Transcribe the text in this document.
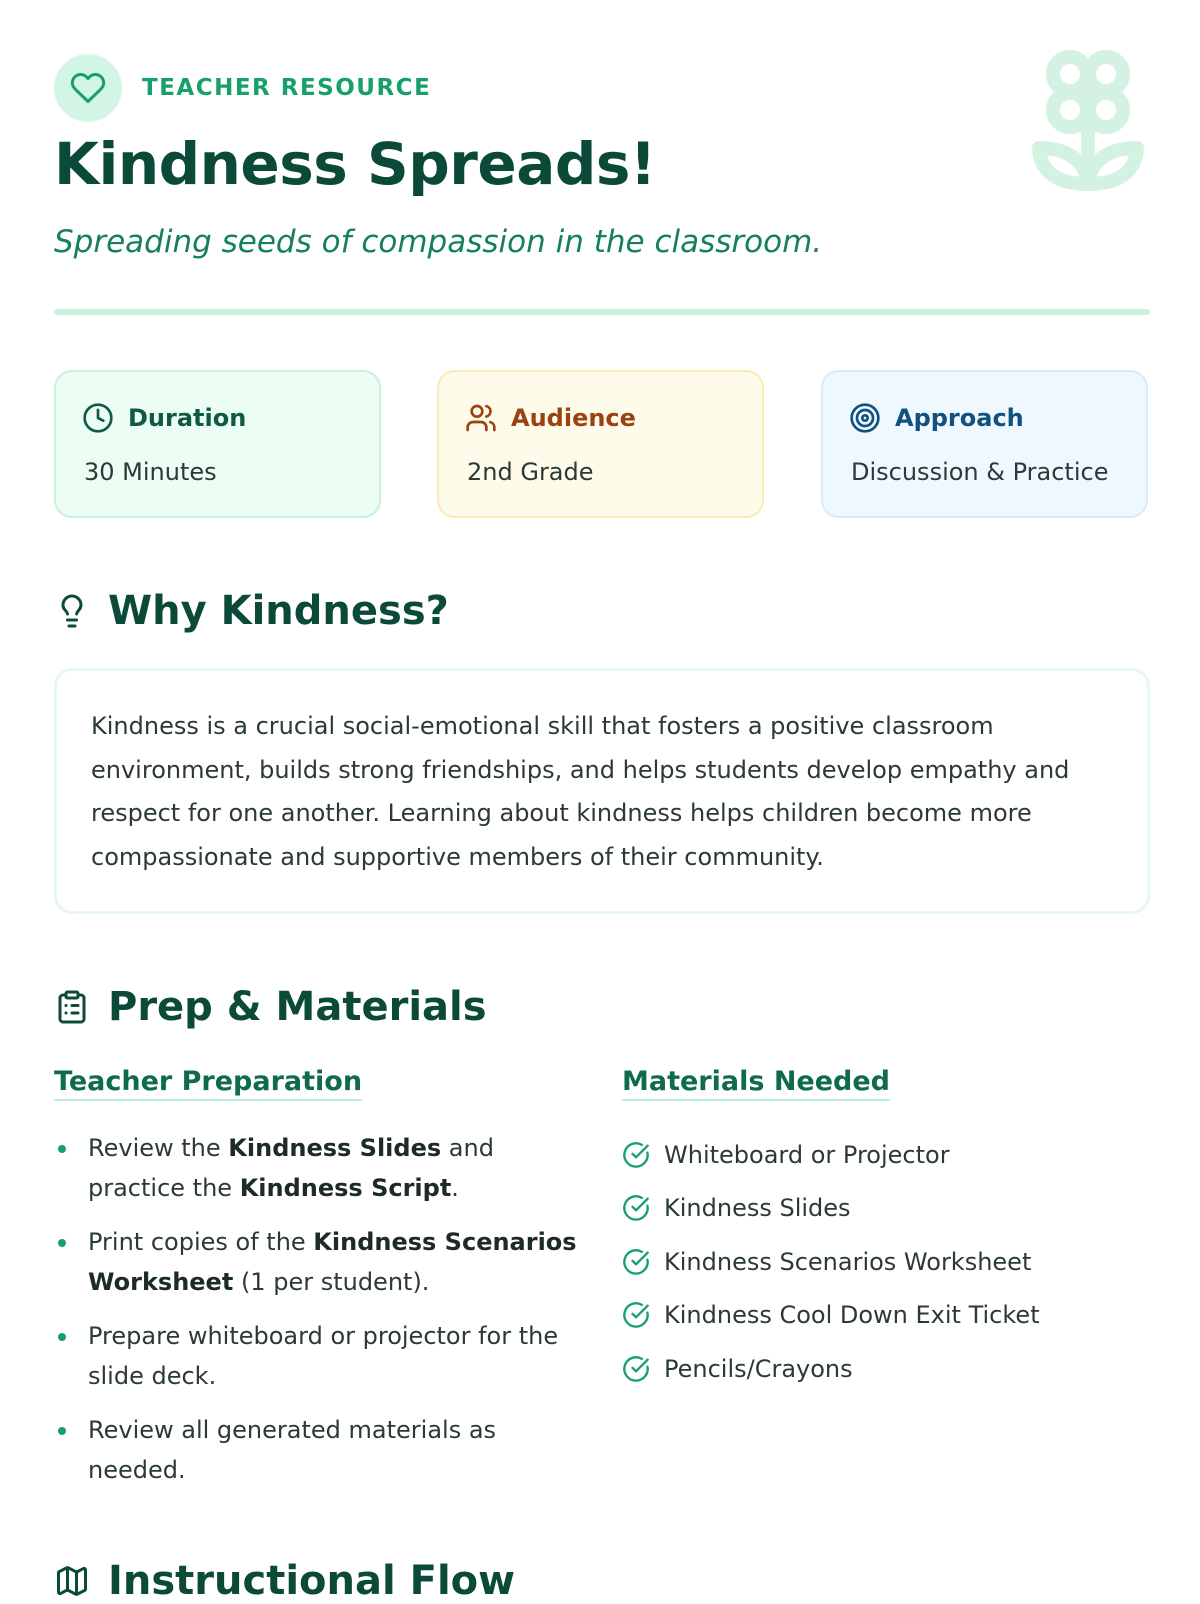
TEACHER RESOURCE
Kindness Spreads!

Spreading seeds of compassion in the classroom.

Duration
30 Minutes
Audience
2nd Grade
Approach
Discussion & Practice
Why Kindness?

Kindness is a crucial social-emotional skill that fosters a positive classroom environment, builds strong friendships, and helps students develop empathy and respect for one another. Learning about kindness helps children become more compassionate and supportive members of their community.

Prep & Materials
Teacher Preparation	Materials Needed
Review the Kindness Slides and practice the Kindness Script.
Print copies of the Kindness Scenarios Worksheet (1 per student).
Prepare whiteboard or projector for the slide deck.
Review all generated materials as needed.
Whiteboard or Projector
Kindness Slides
Kindness Scenarios Worksheet
Kindness Cool Down Exit Ticket
Pencils/Crayons
Instructional Flow
